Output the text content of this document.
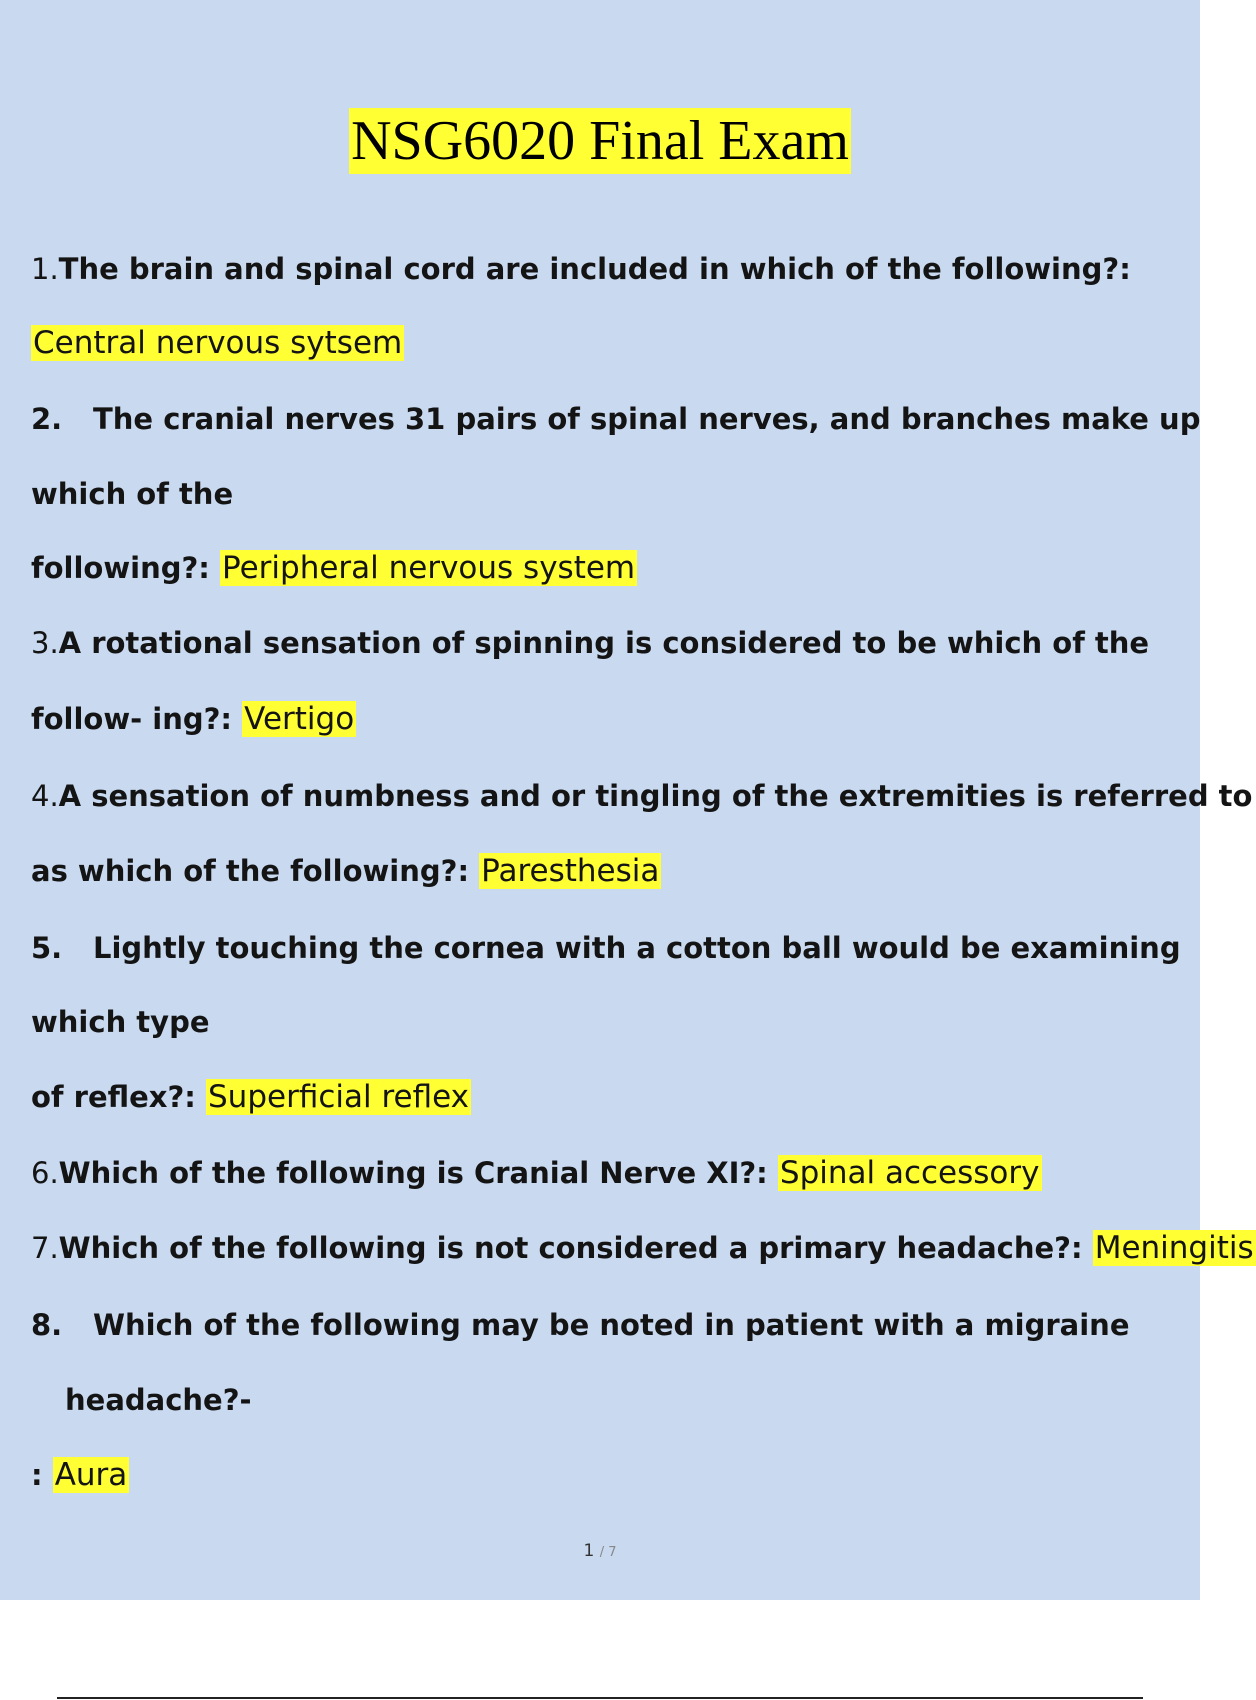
NSG6020 Final Exam
1.The brain and spinal cord are included in which of the following?:
Central nervous sytsem
2. The cranial nerves 31 pairs of spinal nerves, and branches make up
which of the
following?: Peripheral nervous system
3.A rotational sensation of spinning is considered to be which of the
follow- ing?: Vertigo
4.A sensation of numbness and or tingling of the extremities is referred to
as which of the following?: Paresthesia
5. Lightly touching the cornea with a cotton ball would be examining
which type
of reflex?: Superficial reflex
6.Which of the following is Cranial Nerve XI?: Spinal accessory
7.Which of the following is not considered a primary headache?: Meningitis
8. Which of the following may be noted in patient with a migraine
headache?-
: Aura
1 / 7
